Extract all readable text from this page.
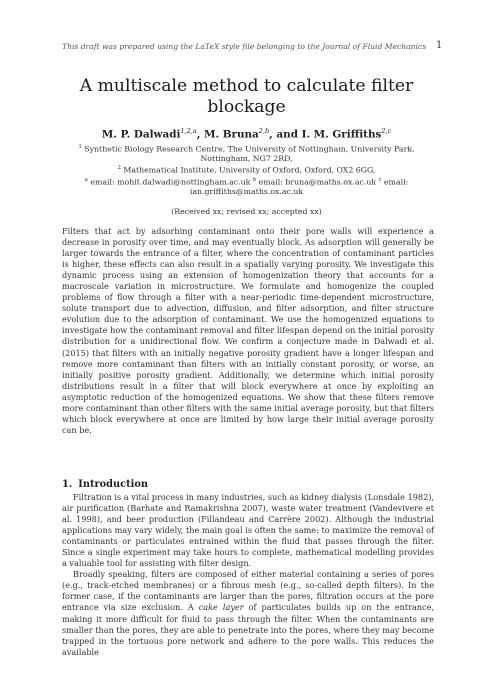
This draft was prepared using the LaTeX style file belonging to the Journal of Fluid Mechanics 1
A multiscale method to calculate filter
blockage
M. P. Dalwadi$^{1,2,a}$, M. Bruna$^{2,b}$, and I. M. Griffiths$^{2,c}$
$^1$ Synthetic Biology Research Centre, The University of Nottingham, University Park,
Nottingham, NG7 2RD,
$^2$ Mathematical Institute, University of Oxford, Oxford, OX2 6GG,
$^a$ email: mohit.dalwadi@nottingham.ac.uk $^b$ email: bruna@maths.ox.ac.uk $^c$ email:
ian.griffiths@maths.ox.ac.uk
(Received xx; revised xx; accepted xx)
Filters that act by adsorbing contaminant onto their pore walls will experience a decrease in porosity over time, and may eventually block. As adsorption will generally be larger towards the entrance of a filter, where the concentration of contaminant particles is higher, these effects can also result in a spatially varying porosity. We investigate this dynamic process using an extension of homogenization theory that accounts for a macroscale variation in microstructure. We formulate and homogenize the coupled problems of flow through a filter with a near-periodic time-dependent microstructure, solute transport due to advection, diffusion, and filter adsorption, and filter structure evolution due to the adsorption of contaminant. We use the homogenized equations to investigate how the contaminant removal and filter lifespan depend on the initial porosity distribution for a unidirectional flow. We confirm a conjecture made in Dalwadi et al. (2015) that filters with an initially negative porosity gradient have a longer lifespan and remove more contaminant than filters with an initially constant porosity, or worse, an initially positive porosity gradient. Additionally, we determine which initial porosity distributions result in a filter that will block everywhere at once by exploiting an asymptotic reduction of the homogenized equations. We show that these filters remove more contaminant than other filters with the same initial average porosity, but that filters which block everywhere at once are limited by how large their initial average porosity can be.
1. Introduction

Filtration is a vital process in many industries, such as kidney dialysis (Lonsdale 1982), air purification (Barhate and Ramakrishna 2007), waste water treatment (Vandevivere et al. 1998), and beer production (Fillandeau and Carrère 2002). Although the industrial applications may vary widely, the main goal is often the same: to maximize the removal of contaminants or particulates entrained within the fluid that passes through the filter. Since a single experiment may take hours to complete, mathematical modelling provides a valuable tool for assisting with filter design.

Broadly speaking, filters are composed of either material containing a series of pores (e.g., track-etched membranes) or a fibrous mesh (e.g., so-called depth filters). In the former case, if the contaminants are larger than the pores, filtration occurs at the pore entrance via size exclusion. A cake layer of particulates builds up on the entrance, making it more difficult for fluid to pass through the filter. When the contaminants are smaller than the pores, they are able to penetrate into the pores, where they may become trapped in the tortuous pore network and adhere to the pore walls. This reduces the available
